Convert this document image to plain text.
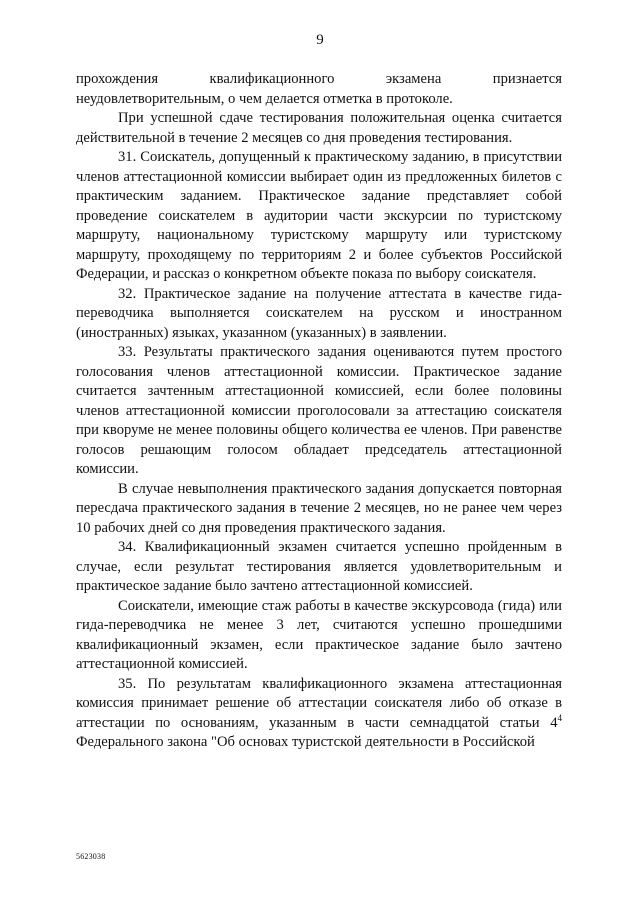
9

прохождения квалификационного экзамена признается неудовлетворительным, о чем делается отметка в протоколе.

При успешной сдаче тестирования положительная оценка считается действительной в течение 2 месяцев со дня проведения тестирования.

31. Соискатель, допущенный к практическому заданию, в присутствии членов аттестационной комиссии выбирает один из предложенных билетов с практическим заданием. Практическое задание представляет собой проведение соискателем в аудитории части экскурсии по туристскому маршруту, национальному туристскому маршруту или туристскому маршруту, проходящему по территориям 2 и более субъектов Российской Федерации, и рассказ о конкретном объекте показа по выбору соискателя.

32. Практическое задание на получение аттестата в качестве гида-переводчика выполняется соискателем на русском и иностранном (иностранных) языках, указанном (указанных) в заявлении.

33. Результаты практического задания оцениваются путем простого голосования членов аттестационной комиссии. Практическое задание считается зачтенным аттестационной комиссией, если более половины членов аттестационной комиссии проголосовали за аттестацию соискателя при кворуме не менее половины общего количества ее членов. При равенстве голосов решающим голосом обладает председатель аттестационной комиссии.

В случае невыполнения практического задания допускается повторная пересдача практического задания в течение 2 месяцев, но не ранее чем через 10 рабочих дней со дня проведения практического задания.

34. Квалификационный экзамен считается успешно пройденным в случае, если результат тестирования является удовлетворительным и практическое задание было зачтено аттестационной комиссией.

Соискатели, имеющие стаж работы в качестве экскурсовода (гида) или гида-переводчика не менее 3 лет, считаются успешно прошедшими квалификационный экзамен, если практическое задание было зачтено аттестационной комиссией.

35. По результатам квалификационного экзамена аттестационная комиссия принимает решение об аттестации соискателя либо об отказе в аттестации по основаниям, указанным в части семнадцатой статьи $4^4$ Федерального закона "Об основах туристской деятельности в Российской

5623038
